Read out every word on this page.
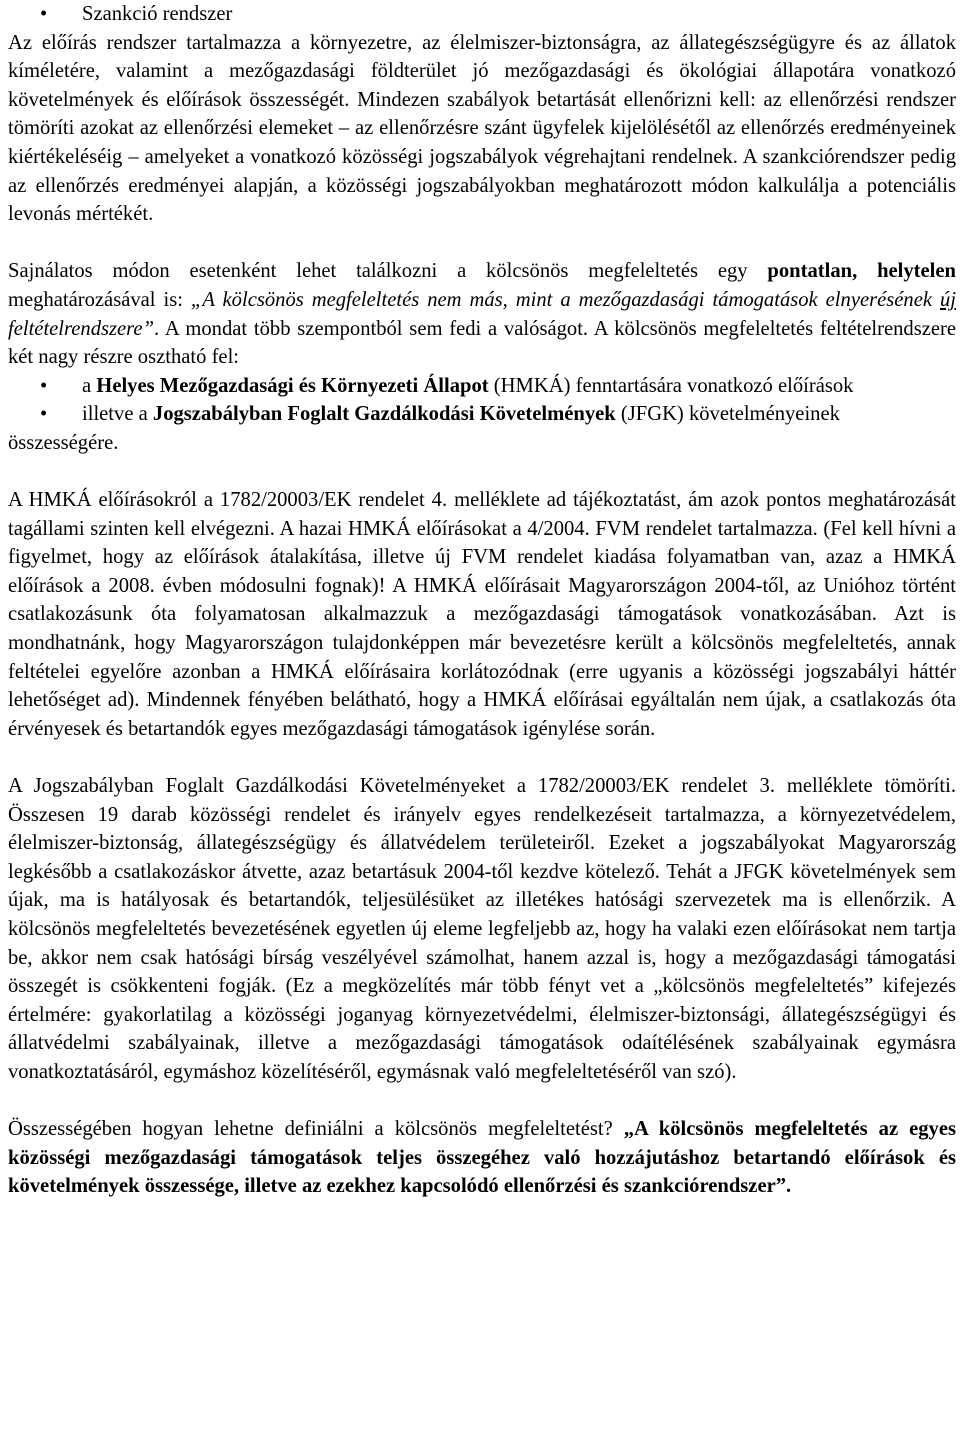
• Szankció rendszer

Az előírás rendszer tartalmazza a környezetre, az élelmiszer-biztonságra, az állategészségügyre és az állatok kíméletére, valamint a mezőgazdasági földterület jó mezőgazdasági és ökológiai állapotára vonatkozó követelmények és előírások összességét. Mindezen szabályok betartását ellenőrizni kell: az ellenőrzési rendszer tömöríti azokat az ellenőrzési elemeket – az ellenőrzésre szánt ügyfelek kijelölésétől az ellenőrzés eredményeinek kiértékeléséig – amelyeket a vonatkozó közösségi jogszabályok végrehajtani rendelnek. A szankciórendszer pedig az ellenőrzés eredményei alapján, a közösségi jogszabályokban meghatározott módon kalkulálja a potenciális levonás mértékét.

Sajnálatos módon esetenként lehet találkozni a kölcsönös megfeleltetés egy pontatlan, helytelen meghatározásával is: „A kölcsönös megfeleltetés nem más, mint a mezőgazdasági támogatások elnyerésének új feltételrendszere”. A mondat több szempontból sem fedi a valóságot. A kölcsönös megfeleltetés feltételrendszere két nagy részre osztható fel:

• a Helyes Mezőgazdasági és Környezeti Állapot (HMKÁ) fenntartására vonatkozó előírások
• illetve a Jogszabályban Foglalt Gazdálkodási Követelmények (JFGK) követelményeinek

összességére.

A HMKÁ előírásokról a 1782/20003/EK rendelet 4. melléklete ad tájékoztatást, ám azok pontos meghatározását tagállami szinten kell elvégezni. A hazai HMKÁ előírásokat a 4/2004. FVM rendelet tartalmazza. (Fel kell hívni a figyelmet, hogy az előírások átalakítása, illetve új FVM rendelet kiadása folyamatban van, azaz a HMKÁ előírások a 2008. évben módosulni fognak)! A HMKÁ előírásait Magyarországon 2004-től, az Unióhoz történt csatlakozásunk óta folyamatosan alkalmazzuk a mezőgazdasági támogatások vonatkozásában. Azt is mondhatnánk, hogy Magyarországon tulajdonképpen már bevezetésre került a kölcsönös megfeleltetés, annak feltételei egyelőre azonban a HMKÁ előírásaira korlátozódnak (erre ugyanis a közösségi jogszabályi háttér lehetőséget ad). Mindennek fényében belátható, hogy a HMKÁ előírásai egyáltalán nem újak, a csatlakozás óta érvényesek és betartandók egyes mezőgazdasági támogatások igénylése során.

A Jogszabályban Foglalt Gazdálkodási Követelményeket a 1782/20003/EK rendelet 3. melléklete tömöríti. Összesen 19 darab közösségi rendelet és irányelv egyes rendelkezéseit tartalmazza, a környezetvédelem, élelmiszer-biztonság, állategészségügy és állatvédelem területeiről. Ezeket a jogszabályokat Magyarország legkésőbb a csatlakozáskor átvette, azaz betartásuk 2004-től kezdve kötelező. Tehát a JFGK követelmények sem újak, ma is hatályosak és betartandók, teljesülésüket az illetékes hatósági szervezetek ma is ellenőrzik. A kölcsönös megfeleltetés bevezetésének egyetlen új eleme legfeljebb az, hogy ha valaki ezen előírásokat nem tartja be, akkor nem csak hatósági bírság veszélyével számolhat, hanem azzal is, hogy a mezőgazdasági támogatási összegét is csökkenteni fogják. (Ez a megközelítés már több fényt vet a „kölcsönös megfeleltetés” kifejezés értelmére: gyakorlatilag a közösségi joganyag környezetvédelmi, élelmiszer-biztonsági, állategészségügyi és állatvédelmi szabályainak, illetve a mezőgazdasági támogatások odaítélésének szabályainak egymásra vonatkoztatásáról, egymáshoz közelítéséről, egymásnak való megfeleltetéséről van szó).

Összességében hogyan lehetne definiálni a kölcsönös megfeleltetést? „A kölcsönös megfeleltetés az egyes közösségi mezőgazdasági támogatások teljes összegéhez való hozzájutáshoz betartandó előírások és követelmények összessége, illetve az ezekhez kapcsolódó ellenőrzési és szankciórendszer”.
